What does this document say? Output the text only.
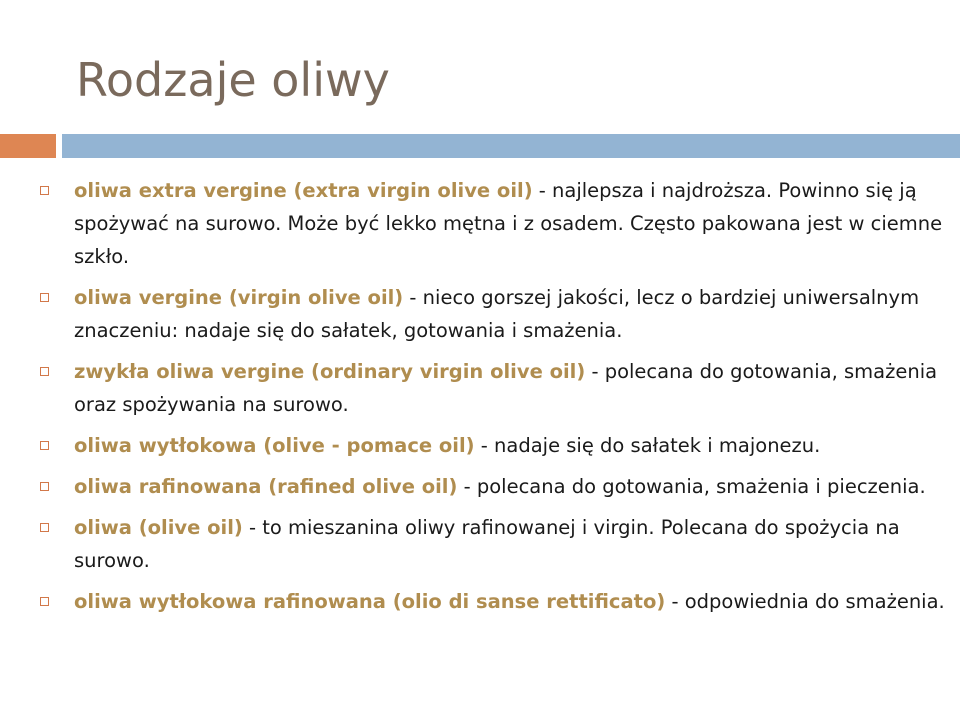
Rodzaje oliwy
oliwa extra vergine (extra virgin olive oil) - najlepsza i najdroższa. Powinno się ją spożywać na surowo. Może być lekko mętna i z osadem. Często pakowana jest w ciemne szkło.
oliwa vergine (virgin olive oil) - nieco gorszej jakości, lecz o bardziej uniwersalnym znaczeniu: nadaje się do sałatek, gotowania i smażenia.
zwykła oliwa vergine (ordinary virgin olive oil) - polecana do gotowania, smażenia oraz spożywania na surowo.
oliwa wytłokowa (olive - pomace oil) - nadaje się do sałatek i majonezu.
oliwa rafinowana (rafined olive oil) - polecana do gotowania, smażenia i pieczenia.
oliwa (olive oil) - to mieszanina oliwy rafinowanej i virgin. Polecana do spożycia na surowo.
oliwa wytłokowa rafinowana (olio di sanse rettificato) - odpowiednia do smażenia.
